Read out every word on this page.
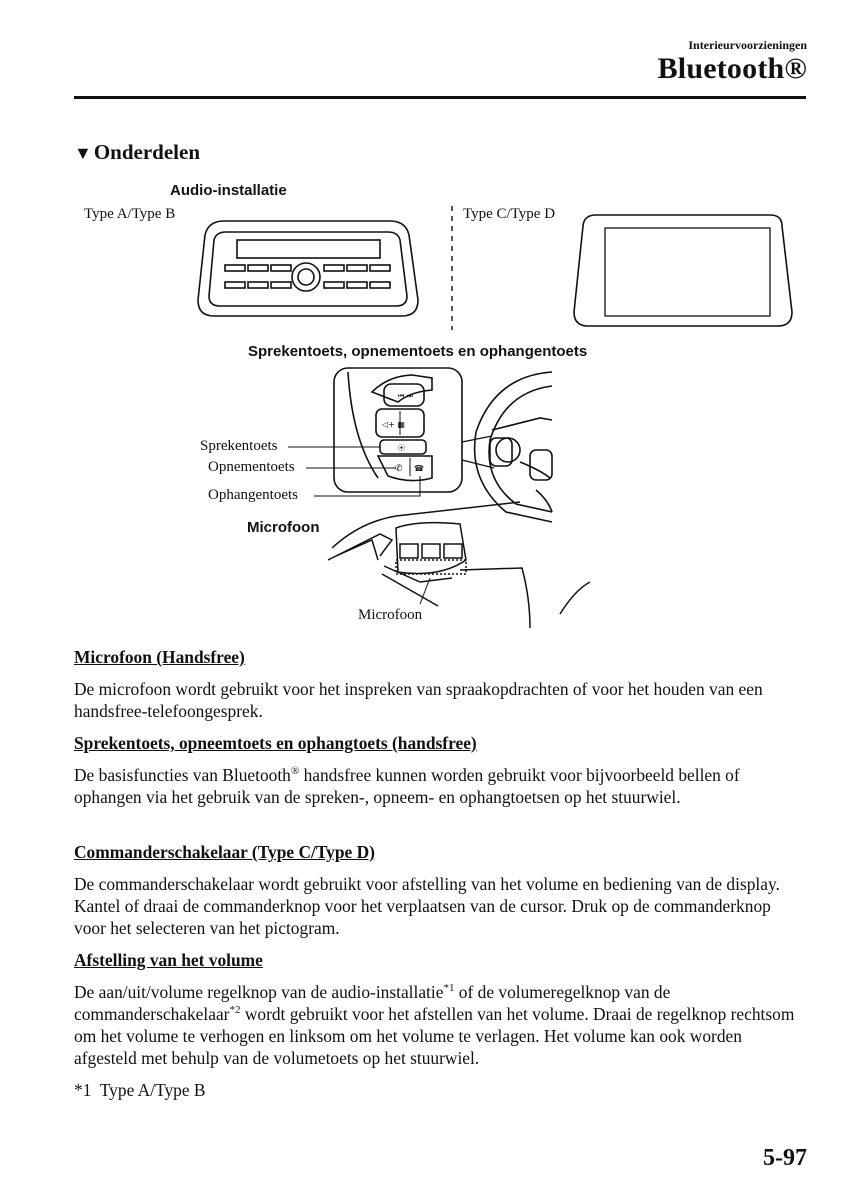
Interieurvoorzieningen
Bluetooth®
▼Onderdelen
Audio-installatie
Type A/Type B	Type C/Type D
Sprekentoets, opnementoets en ophangentoets
Sprekentoets
Opnementoets
Ophangentoets
Microfoon
Microfoon
⏮ ⏭
◁+ ▦
⦿
✆ ☎
Microfoon (Handsfree)
De microfoon wordt gebruikt voor het inspreken van spraakopdrachten of voor het houden van een handsfree-telefoongesprek.
Sprekentoets, opneemtoets en ophangtoets (handsfree)
De basisfuncties van Bluetooth® handsfree kunnen worden gebruikt voor bijvoorbeeld bellen of ophangen via het gebruik van de spreken-, opneem- en ophangtoetsen op het stuurwiel.
Commanderschakelaar (Type C/Type D)
De commanderschakelaar wordt gebruikt voor afstelling van het volume en bediening van de display. Kantel of draai de commanderknop voor het verplaatsen van de cursor. Druk op de commanderknop voor het selecteren van het pictogram.
Afstelling van het volume
De aan/uit/volume regelknop van de audio-installatie$^{*1}$ of de volumeregelknop van de commanderschakelaar$^{*2}$ wordt gebruikt voor het afstellen van het volume. Draai de regelknop rechtsom om het volume te verhogen en linksom om het volume te verlagen. Het volume kan ook worden afgesteld met behulp van de volumetoets op het stuurwiel.
*1  Type A/Type B
5-97
